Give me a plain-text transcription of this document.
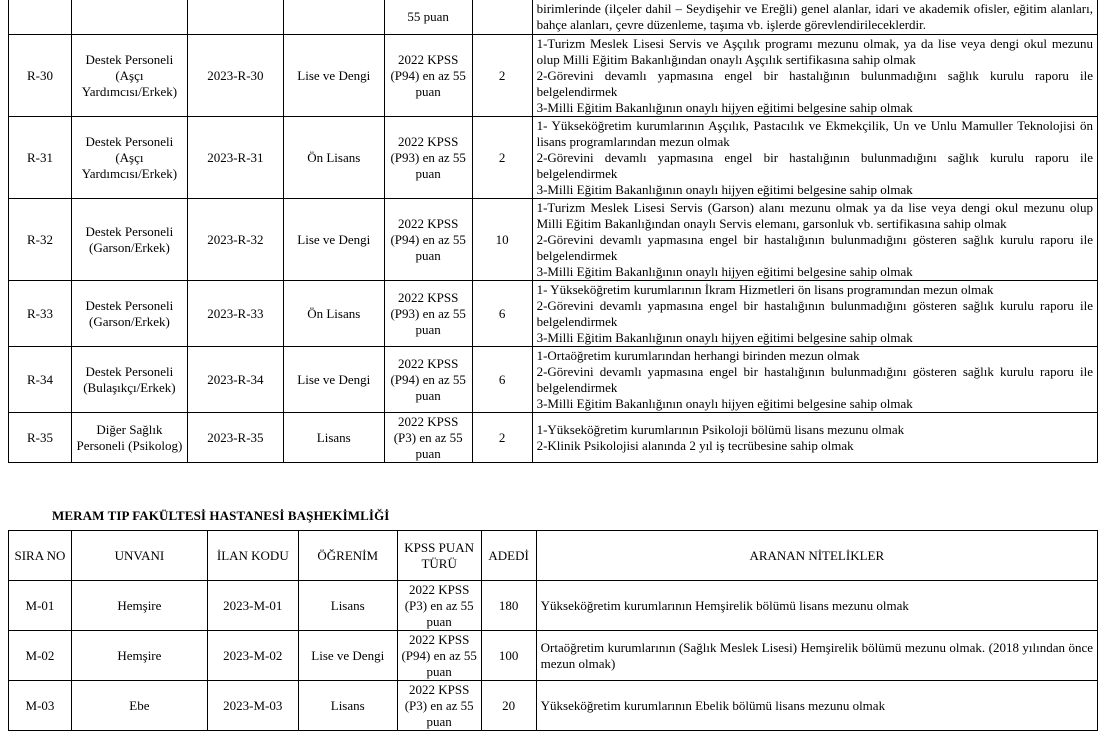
				55 puan		birimlerinde (ilçeler dahil – Seydişehir ve Ereğli) genel alanlar, idari ve akademik ofisler, eğitim alanları, bahçe alanları, çevre düzenleme, taşıma vb. işlerde görevlendirileceklerdir.

R-30	Destek Personeli (Aşçı Yardımcısı/Erkek)	2023-R-30	Lise ve Dengi	2022 KPSS (P94) en az 55 puan	2	1-Turizm Meslek Lisesi Servis ve Aşçılık programı mezunu olmak, ya da lise veya dengi okul mezunu olup Milli Eğitim Bakanlığından onaylı Aşçılık sertifikasına sahip olmak
2-Görevini devamlı yapmasına engel bir hastalığının bulunmadığını sağlık kurulu raporu ile belgelendirmek
3-Milli Eğitim Bakanlığının onaylı hijyen eğitimi belgesine sahip olmak

R-31	Destek Personeli (Aşçı Yardımcısı/Erkek)	2023-R-31	Ön Lisans	2022 KPSS (P93) en az 55 puan	2	1- Yükseköğretim kurumlarının Aşçılık, Pastacılık ve Ekmekçilik, Un ve Unlu Mamuller Teknolojisi ön lisans programlarından mezun olmak
2-Görevini devamlı yapmasına engel bir hastalığının bulunmadığını sağlık kurulu raporu ile belgelendirmek
3-Milli Eğitim Bakanlığının onaylı hijyen eğitimi belgesine sahip olmak

R-32	Destek Personeli (Garson/Erkek)	2023-R-32	Lise ve Dengi	2022 KPSS (P94) en az 55 puan	10	1-Turizm Meslek Lisesi Servis (Garson) alanı mezunu olmak ya da lise veya dengi okul mezunu olup Milli Eğitim Bakanlığından onaylı Servis elemanı, garsonluk vb. sertifikasına sahip olmak
2-Görevini devamlı yapmasına engel bir hastalığının bulunmadığını gösteren sağlık kurulu raporu ile belgelendirmek
3-Milli Eğitim Bakanlığının onaylı hijyen eğitimi belgesine sahip olmak

R-33	Destek Personeli (Garson/Erkek)	2023-R-33	Ön Lisans	2022 KPSS (P93) en az 55 puan	6	1- Yükseköğretim kurumlarının İkram Hizmetleri ön lisans programından mezun olmak
2-Görevini devamlı yapmasına engel bir hastalığının bulunmadığını gösteren sağlık kurulu raporu ile belgelendirmek
3-Milli Eğitim Bakanlığının onaylı hijyen eğitimi belgesine sahip olmak

R-34	Destek Personeli (Bulaşıkçı/Erkek)	2023-R-34	Lise ve Dengi	2022 KPSS (P94) en az 55 puan	6	1-Ortaöğretim kurumlarından herhangi birinden mezun olmak
2-Görevini devamlı yapmasına engel bir hastalığının bulunmadığını gösteren sağlık kurulu raporu ile belgelendirmek
3-Milli Eğitim Bakanlığının onaylı hijyen eğitimi belgesine sahip olmak

R-35	Diğer Sağlık Personeli (Psikolog)	2023-R-35	Lisans	2022 KPSS (P3) en az 55 puan	2	1-Yükseköğretim kurumlarının Psikoloji bölümü lisans mezunu olmak
2-Klinik Psikolojisi alanında 2 yıl iş tecrübesine sahip olmak
MERAM TIP FAKÜLTESİ HASTANESİ BAŞHEKİMLİĞİ
SIRA NO	UNVANI	İLAN KODU	ÖĞRENİM	KPSS PUAN TÜRÜ	ADEDİ	ARANAN NİTELİKLER
M-01	Hemşire	2023-M-01	Lisans	2022 KPSS (P3) en az 55 puan	180	Yükseköğretim kurumlarının Hemşirelik bölümü lisans mezunu olmak

M-02	Hemşire	2023-M-02	Lise ve Dengi	2022 KPSS (P94) en az 55 puan	100	Ortaöğretim kurumlarının (Sağlık Meslek Lisesi) Hemşirelik bölümü mezunu olmak. (2018 yılından önce mezun olmak)

M-03	Ebe	2023-M-03	Lisans	2022 KPSS (P3) en az 55 puan	20	Yükseköğretim kurumlarının Ebelik bölümü lisans mezunu olmak
